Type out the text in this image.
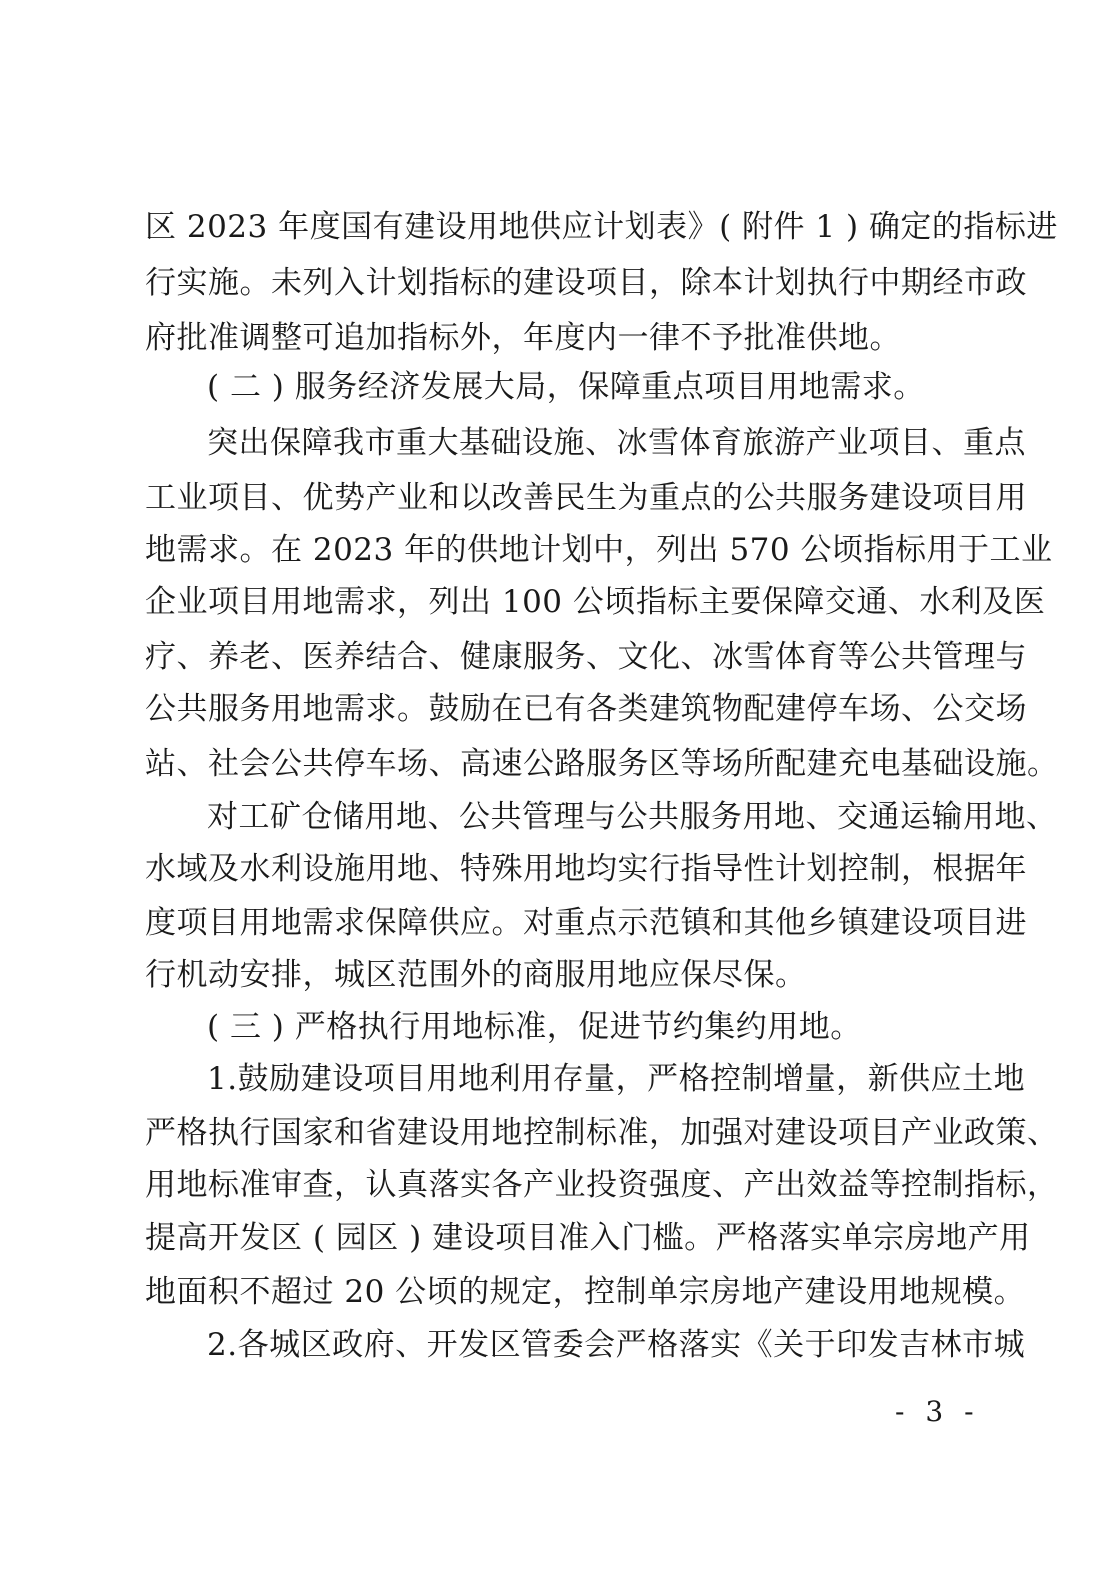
区 2023 年度国有建设用地供应计划表》( 附件 1 ) 确定的指标进
行实施。未列入计划指标的建设项目，除本计划执行中期经市政
府批准调整可追加指标外，年度内一律不予批准供地。
( 二 ) 服务经济发展大局，保障重点项目用地需求。
突出保障我市重大基础设施、冰雪体育旅游产业项目、重点
工业项目、优势产业和以改善民生为重点的公共服务建设项目用
地需求。在 2023 年的供地计划中，列出 570 公顷指标用于工业
企业项目用地需求，列出 100 公顷指标主要保障交通、水利及医
疗、养老、医养结合、健康服务、文化、冰雪体育等公共管理与
公共服务用地需求。鼓励在已有各类建筑物配建停车场、公交场
站、社会公共停车场、高速公路服务区等场所配建充电基础设施。
对工矿仓储用地、公共管理与公共服务用地、交通运输用地、
水域及水利设施用地、特殊用地均实行指导性计划控制，根据年
度项目用地需求保障供应。对重点示范镇和其他乡镇建设项目进
行机动安排，城区范围外的商服用地应保尽保。
( 三 ) 严格执行用地标准，促进节约集约用地。
1.鼓励建设项目用地利用存量，严格控制增量，新供应土地
严格执行国家和省建设用地控制标准，加强对建设项目产业政策、
用地标准审查，认真落实各产业投资强度、产出效益等控制指标，
提高开发区 ( 园区 ) 建设项目准入门槛。严格落实单宗房地产用
地面积不超过 20 公顷的规定，控制单宗房地产建设用地规模。
2.各城区政府、开发区管委会严格落实《关于印发吉林市城
- 3 -
